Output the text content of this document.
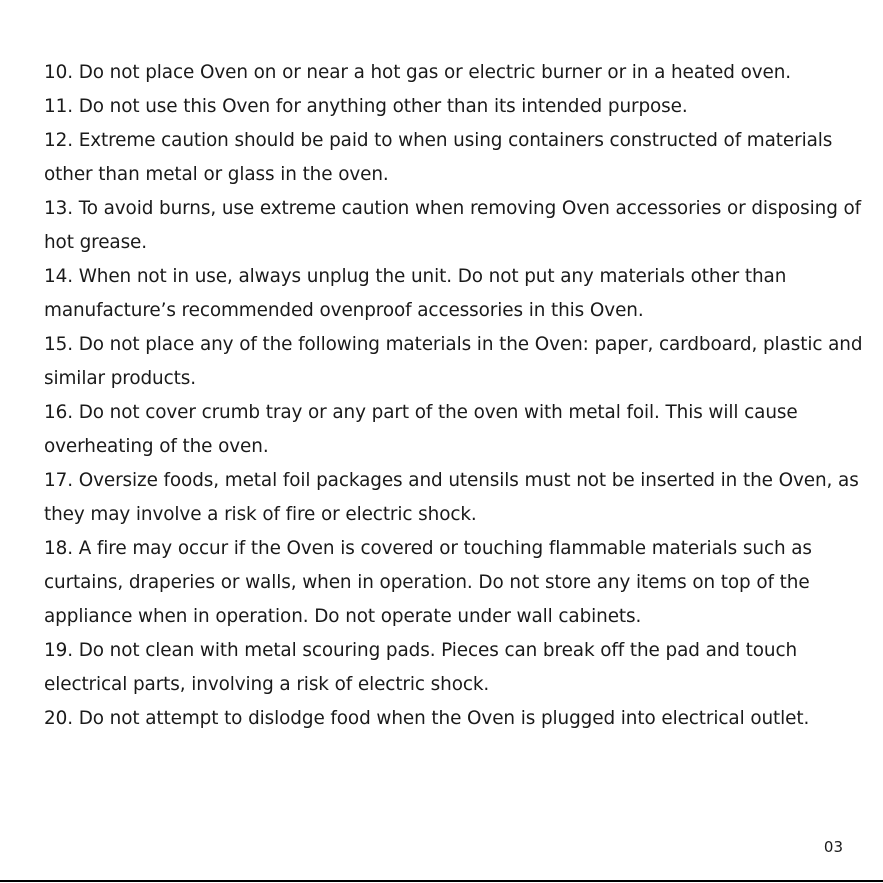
10. Do not place Oven on or near a hot gas or electric burner or in a heated oven.
11. Do not use this Oven for anything other than its intended purpose.
12. Extreme caution should be paid to when using containers constructed of materials other than metal or glass in the oven.
13. To avoid burns, use extreme caution when removing Oven accessories or disposing of hot grease.
14. When not in use, always unplug the unit. Do not put any materials other than manufacture’s recommended ovenproof accessories in this Oven.
15. Do not place any of the following materials in the Oven: paper, cardboard, plastic and similar products.
16. Do not cover crumb tray or any part of the oven with metal foil. This will cause overheating of the oven.
17. Oversize foods, metal foil packages and utensils must not be inserted in the Oven, as they may involve a risk of fire or electric shock.
18. A fire may occur if the Oven is covered or touching flammable materials such as curtains, draperies or walls, when in operation. Do not store any items on top of the appliance when in operation. Do not operate under wall cabinets.
19. Do not clean with metal scouring pads. Pieces can break off the pad and touch electrical parts, involving a risk of electric shock.
20. Do not attempt to dislodge food when the Oven is plugged into electrical outlet.
03
